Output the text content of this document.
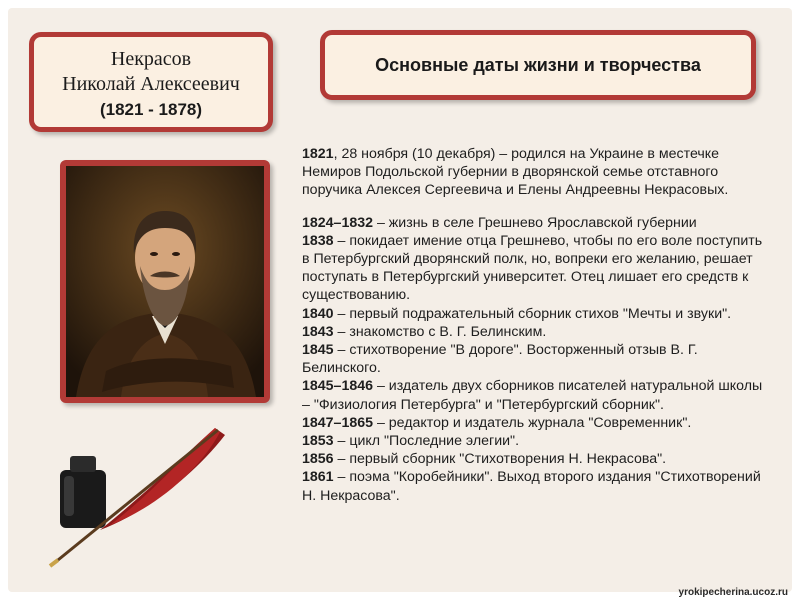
Некрасов
Николай Алексеевич
(1821 - 1878)
Основные даты жизни и творчества

1821, 28 ноября (10 декабря) – родился на Украине в местечке Немиров Подольской губернии в дворянской семье отставного поручика Алексея Сергеевича и Елены Андреевны Некрасовых.

1824–1832 – жизнь в селе Грешнево Ярославской губернии

1838 – покидает имение отца Грешнево, чтобы по его воле поступить в Петербургский дворянский полк, но, вопреки его желанию, решает поступать в Петербургский университет. Отец лишает его средств к существованию.

1840 – первый подражательный сборник стихов "Мечты и звуки".

1843 – знакомство с В. Г. Белинским.

1845 – стихотворение "В дороге". Восторженный отзыв В. Г. Белинского.

1845–1846 – издатель двух сборников писателей натуральной школы – "Физиология Петербурга" и "Петербургский сборник".

1847–1865 – редактор и издатель журнала "Современник".

1853 – цикл "Последние элегии".

1856 – первый сборник "Стихотворения Н. Некрасова".

1861 – поэма "Коробейники". Выход второго издания "Стихотворений Н. Некрасова".

yrokipecherina.ucoz.ru
